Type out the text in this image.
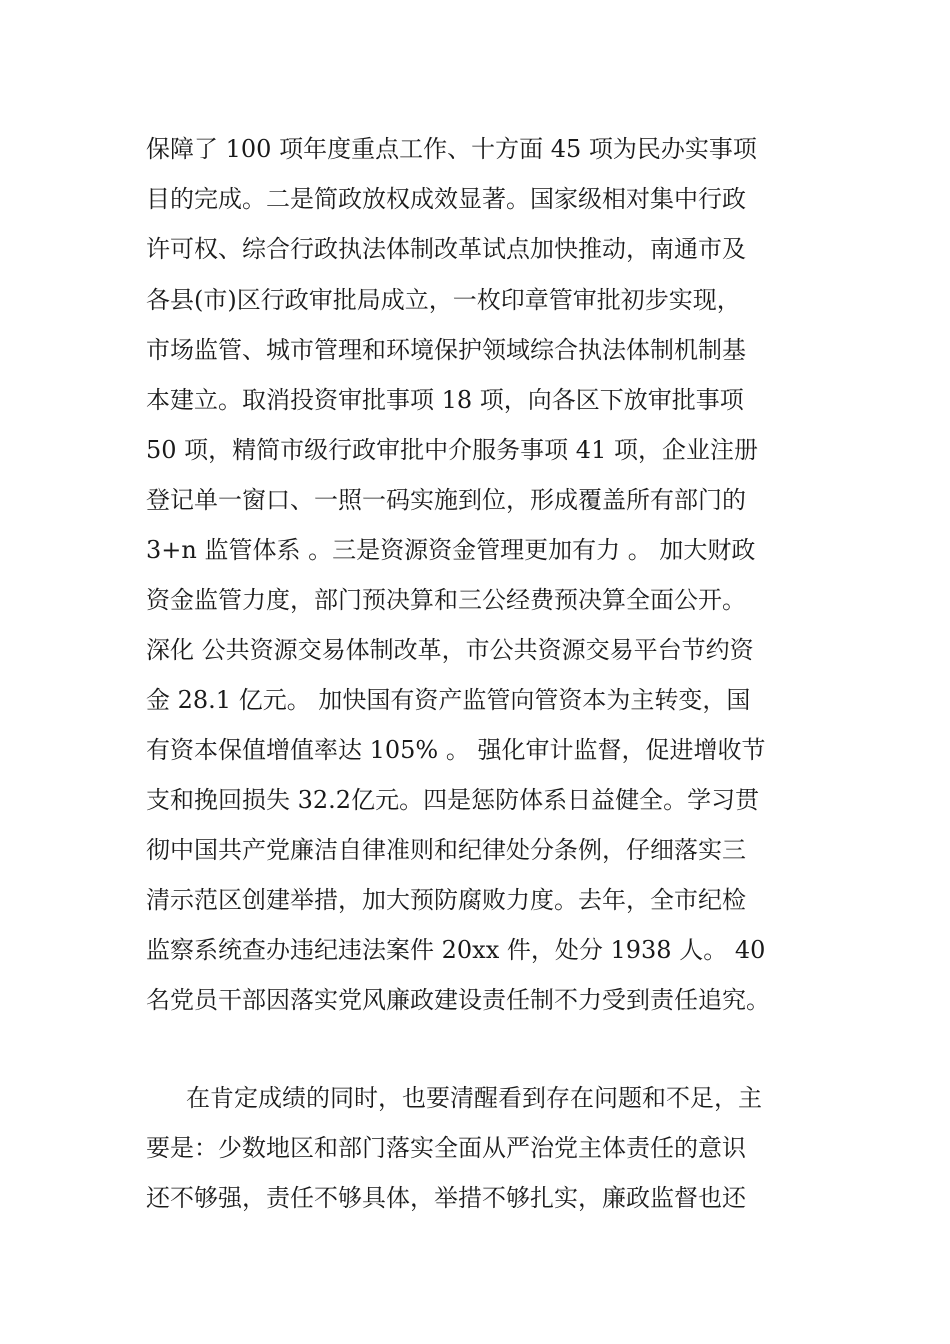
保障了 100 项年度重点工作、十方面 45 项为民办实事项

目的完成。二是简政放权成效显著。国家级相对集中行政

许可权、综合行政执法体制改革试点加快推动，南通市及

各县(市)区行政审批局成立，一枚印章管审批初步实现，

市场监管、城市管理和环境保护领域综合执法体制机制基

本建立。取消投资审批事项 18 项，向各区下放审批事项

50 项，精简市级行政审批中介服务事项 41 项，企业注册

登记单一窗口、一照一码实施到位，形成覆盖所有部门的

3+n 监管体系 。三是资源资金管理更加有力 。 加大财政

资金监管力度，部门预决算和三公经费预决算全面公开。

深化 公共资源交易体制改革，市公共资源交易平台节约资

金 28.1 亿元。 加快国有资产监管向管资本为主转变，国

有资本保值增值率达 105% 。 强化审计监督，促进增收节

支和挽回损失 32.2亿元。四是惩防体系日益健全。学习贯

彻中国共产党廉洁自律准则和纪律处分条例，仔细落实三

清示范区创建举措，加大预防腐败力度。去年，全市纪检

监察系统查办违纪违法案件 20xx 件，处分 1938 人。 40

名党员干部因落实党风廉政建设责任制不力受到责任追究。

在肯定成绩的同时，也要清醒看到存在问题和不足，主

要是：少数地区和部门落实全面从严治党主体责任的意识

还不够强，责任不够具体，举措不够扎实，廉政监督也还
